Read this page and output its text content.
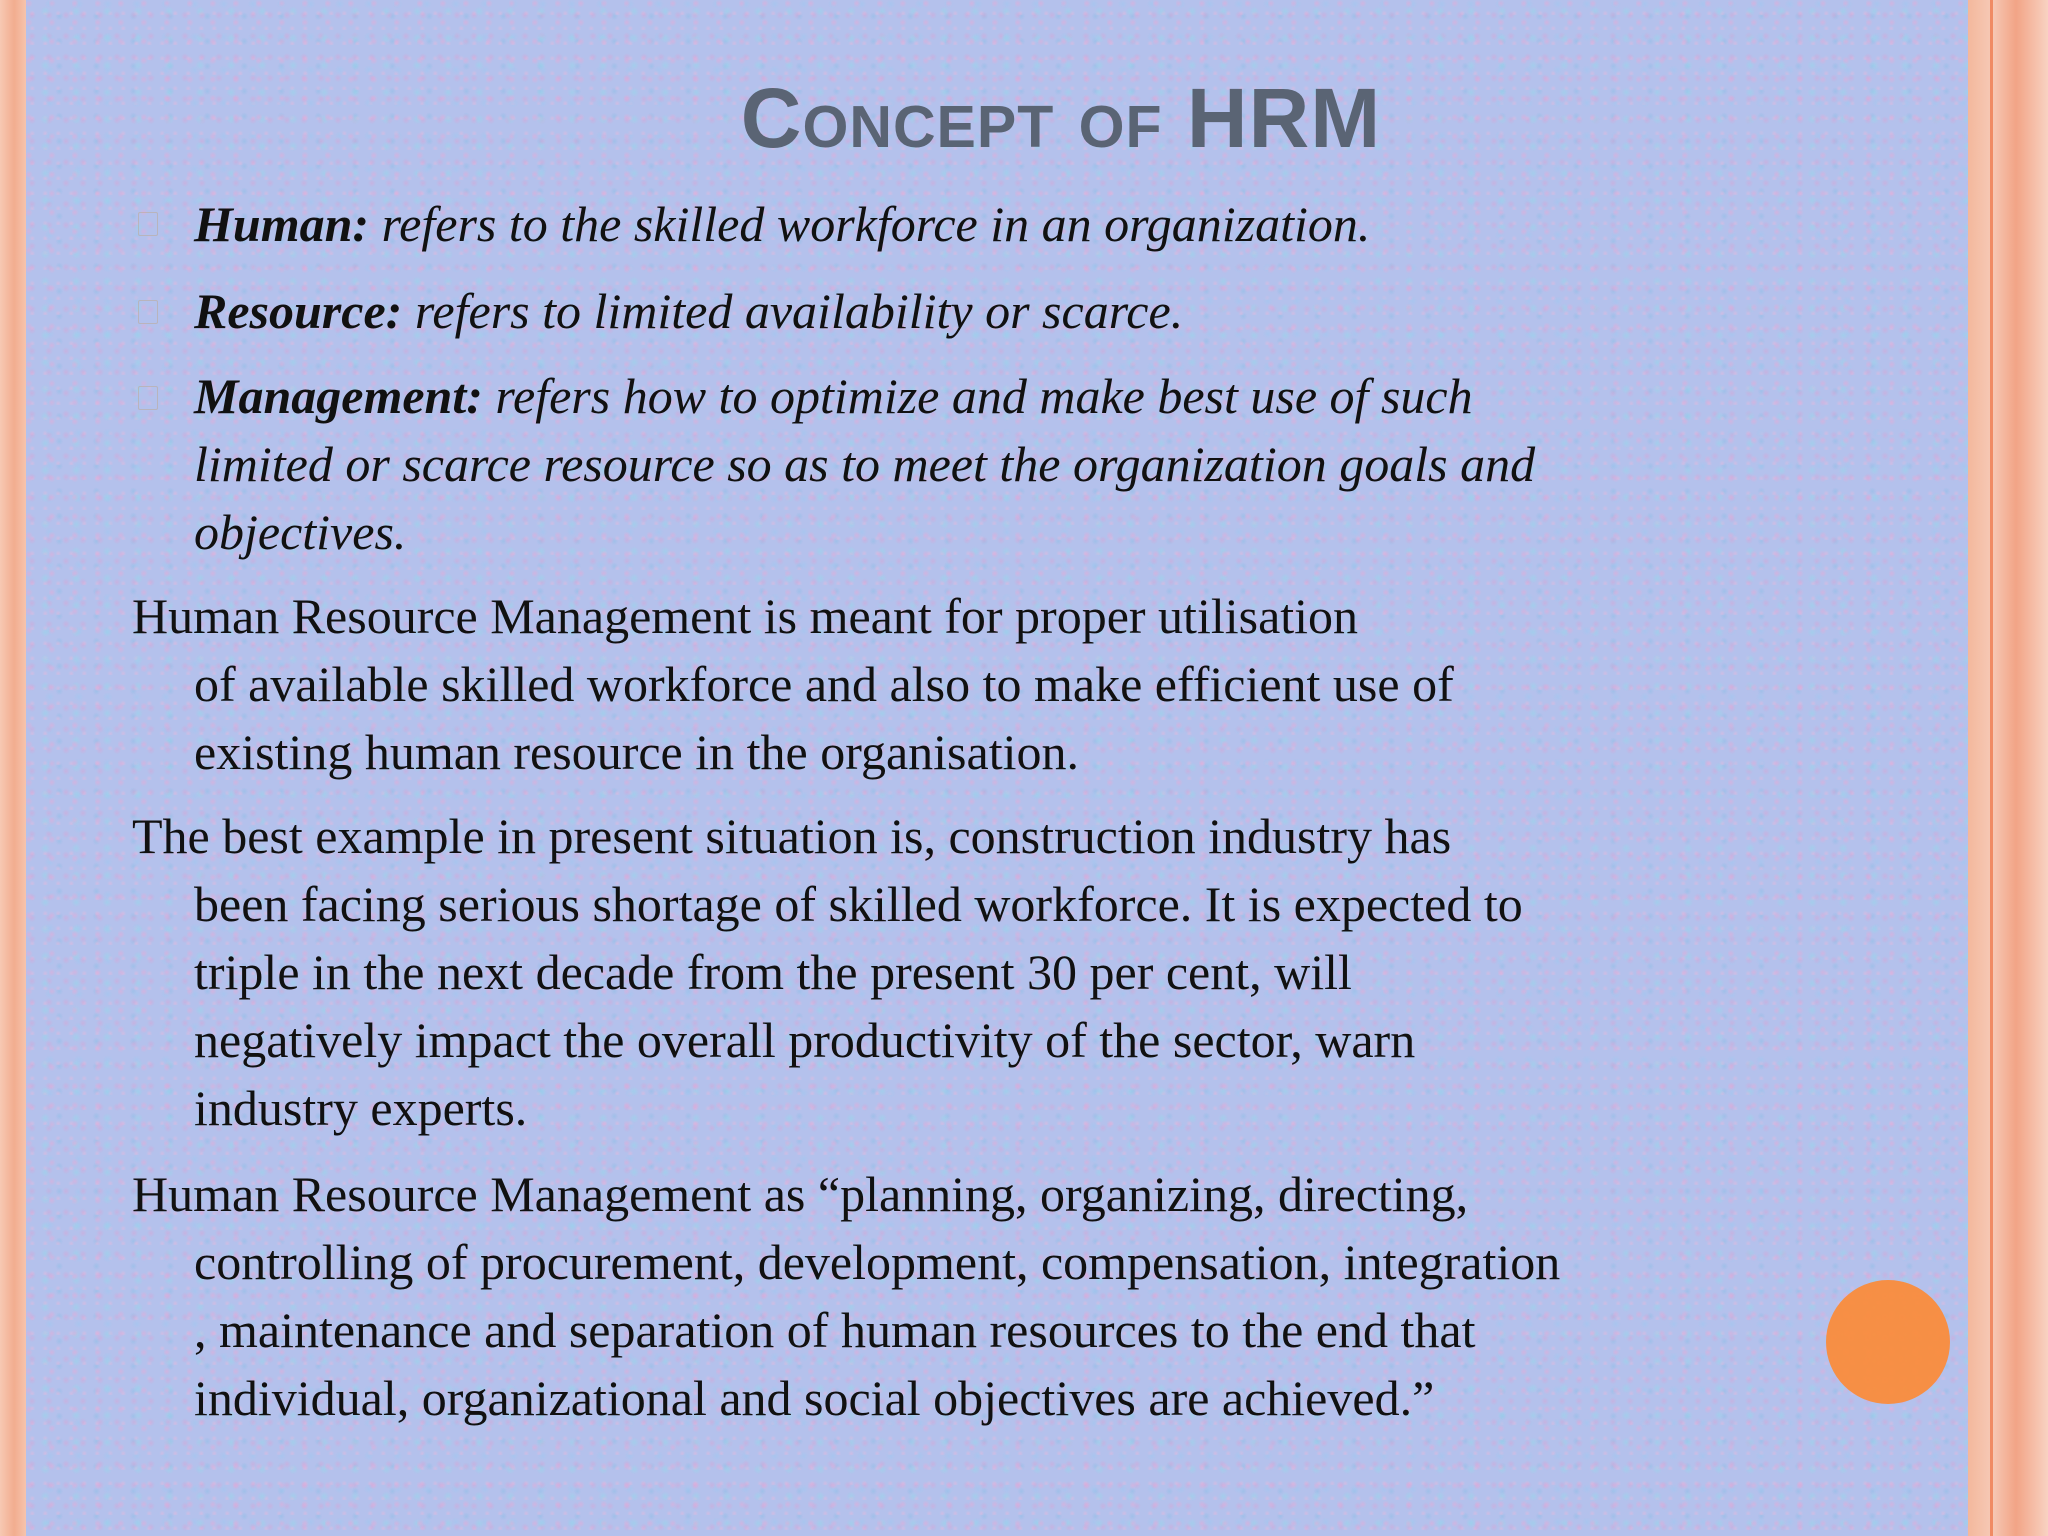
Concept of HRM
Human: refers to the skilled workforce in an organization.
Resource: refers to limited availability or scarce.
Management: refers how to optimize and make best use of such
limited or scarce resource so as to meet the organization goals and
objectives.
Human Resource Management is meant for proper utilisation
of available skilled workforce and also to make efficient use of
existing human resource in the organisation.
The best example in present situation is, construction industry has
been facing serious shortage of skilled workforce. It is expected to
triple in the next decade from the present 30 per cent, will
negatively impact the overall productivity of the sector, warn
industry experts.
Human Resource Management as “planning, organizing, directing,
controlling of procurement, development, compensation, integration
, maintenance and separation of human resources to the end that
individual, organizational and social objectives are achieved.”
